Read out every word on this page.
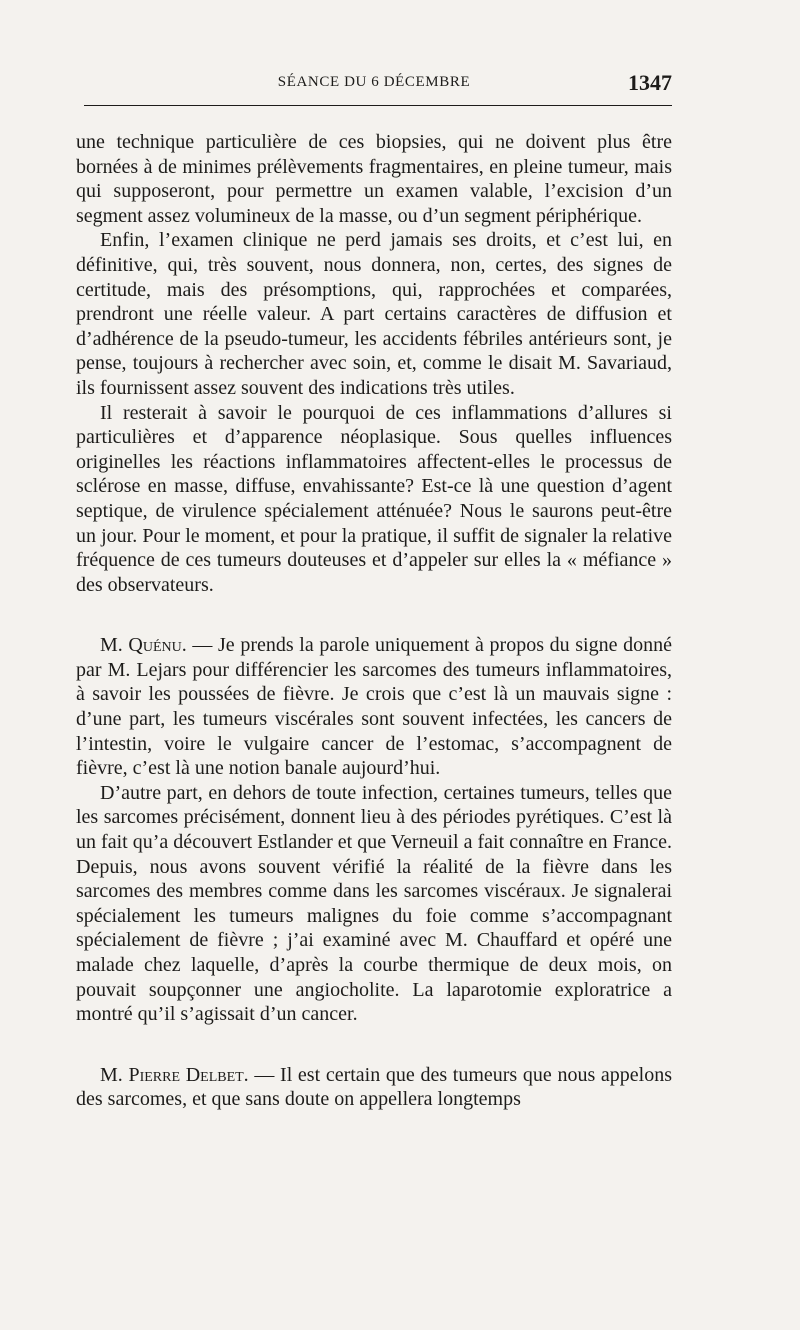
SÉANCE DU 6 DÉCEMBRE	1347

une technique particulière de ces biopsies, qui ne doivent plus être bornées à de minimes prélèvements fragmentaires, en pleine tumeur, mais qui supposeront, pour permettre un examen valable, l’excision d’un segment assez volumineux de la masse, ou d’un segment périphérique.

Enfin, l’examen clinique ne perd jamais ses droits, et c’est lui, en définitive, qui, très souvent, nous donnera, non, certes, des signes de certitude, mais des présomptions, qui, rapprochées et comparées, prendront une réelle valeur. A part certains caractères de diffusion et d’adhérence de la pseudo-tumeur, les accidents fébriles antérieurs sont, je pense, toujours à rechercher avec soin, et, comme le disait M. Savariaud, ils fournissent assez souvent des indications très utiles.

Il resterait à savoir le pourquoi de ces inflammations d’allures si particulières et d’apparence néoplasique. Sous quelles influences originelles les réactions inflammatoires affectent-elles le processus de sclérose en masse, diffuse, envahissante? Est-ce là une question d’agent septique, de virulence spécialement atténuée? Nous le saurons peut-être un jour. Pour le moment, et pour la pratique, il suffit de signaler la relative fréquence de ces tumeurs douteuses et d’appeler sur elles la « méfiance » des observateurs.

M. Quénu. — Je prends la parole uniquement à propos du signe donné par M. Lejars pour différencier les sarcomes des tumeurs inflammatoires, à savoir les poussées de fièvre. Je crois que c’est là un mauvais signe : d’une part, les tumeurs viscérales sont souvent infectées, les cancers de l’intestin, voire le vulgaire cancer de l’estomac, s’accompagnent de fièvre, c’est là une notion banale aujourd’hui.

D’autre part, en dehors de toute infection, certaines tumeurs, telles que les sarcomes précisément, donnent lieu à des périodes pyrétiques. C’est là un fait qu’a découvert Estlander et que Verneuil a fait connaître en France. Depuis, nous avons souvent vérifié la réalité de la fièvre dans les sarcomes des membres comme dans les sarcomes viscéraux. Je signalerai spécialement les tumeurs malignes du foie comme s’accompagnant spécialement de fièvre ; j’ai examiné avec M. Chauffard et opéré une malade chez laquelle, d’après la courbe thermique de deux mois, on pouvait soupçonner une angiocholite. La laparotomie exploratrice a montré qu’il s’agissait d’un cancer.

M. Pierre Delbet. — Il est certain que des tumeurs que nous appelons des sarcomes, et que sans doute on appellera longtemps
